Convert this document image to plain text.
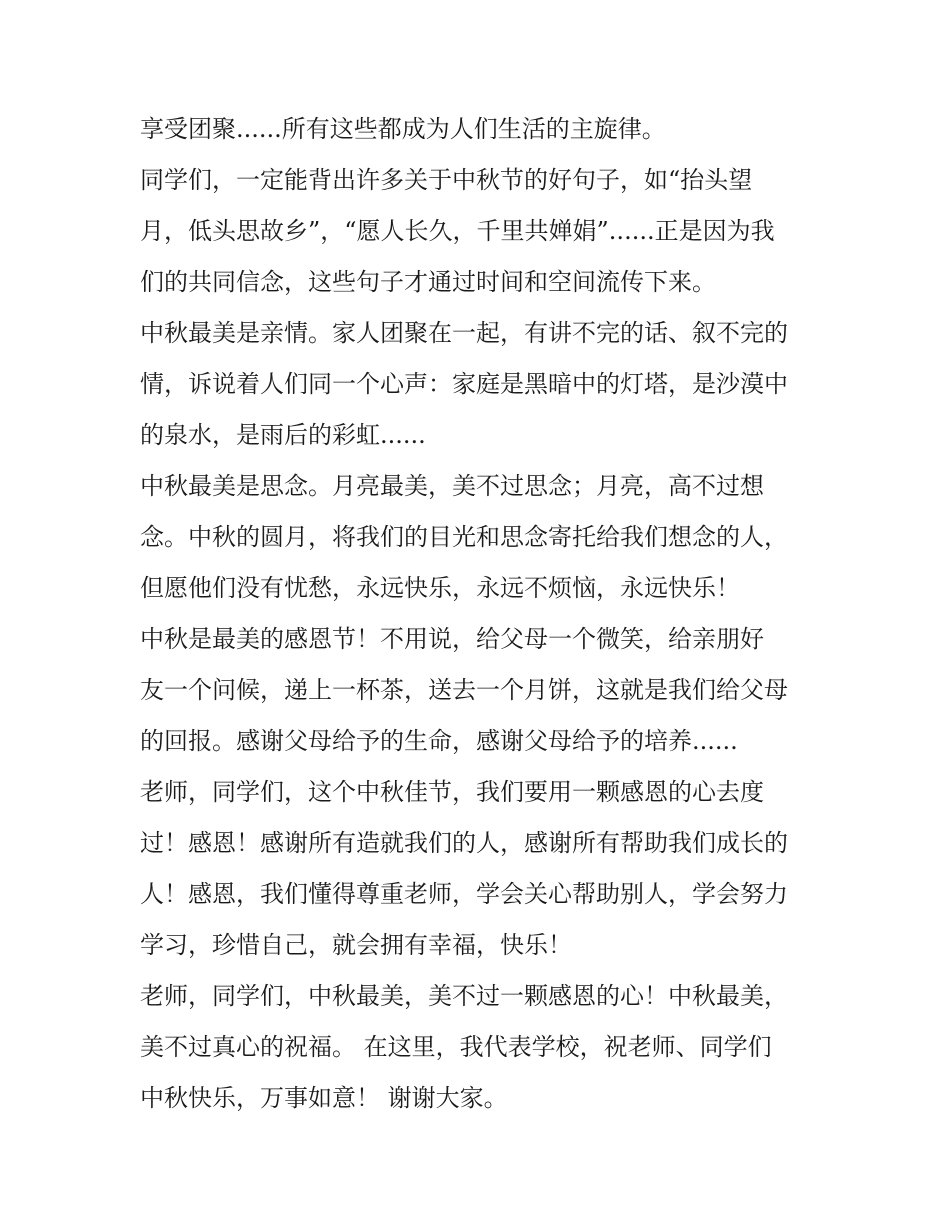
享受团聚......所有这些都成为人们生活的主旋律。
同学们，一定能背出许多关于中秋节的好句子，如“抬头望
月，低头思故乡”，“愿人长久，千里共婵娟”......正是因为我
们的共同信念，这些句子才通过时间和空间流传下来。
中秋最美是亲情。家人团聚在一起，有讲不完的话、叙不完的
情，诉说着人们同一个心声：家庭是黑暗中的灯塔，是沙漠中
的泉水，是雨后的彩虹......
中秋最美是思念。月亮最美，美不过思念；月亮，高不过想
念。中秋的圆月，将我们的目光和思念寄托给我们想念的人，
但愿他们没有忧愁，永远快乐，永远不烦恼，永远快乐！
中秋是最美的感恩节！不用说，给父母一个微笑，给亲朋好
友一个问候，递上一杯茶，送去一个月饼，这就是我们给父母
的回报。感谢父母给予的生命，感谢父母给予的培养......
老师，同学们，这个中秋佳节，我们要用一颗感恩的心去度
过！感恩！感谢所有造就我们的人，感谢所有帮助我们成长的
人！感恩，我们懂得尊重老师，学会关心帮助别人，学会努力
学习，珍惜自己，就会拥有幸福，快乐！
老师，同学们，中秋最美，美不过一颗感恩的心！中秋最美，
美不过真心的祝福。 在这里，我代表学校，祝老师、同学们
中秋快乐，万事如意！ 谢谢大家。
